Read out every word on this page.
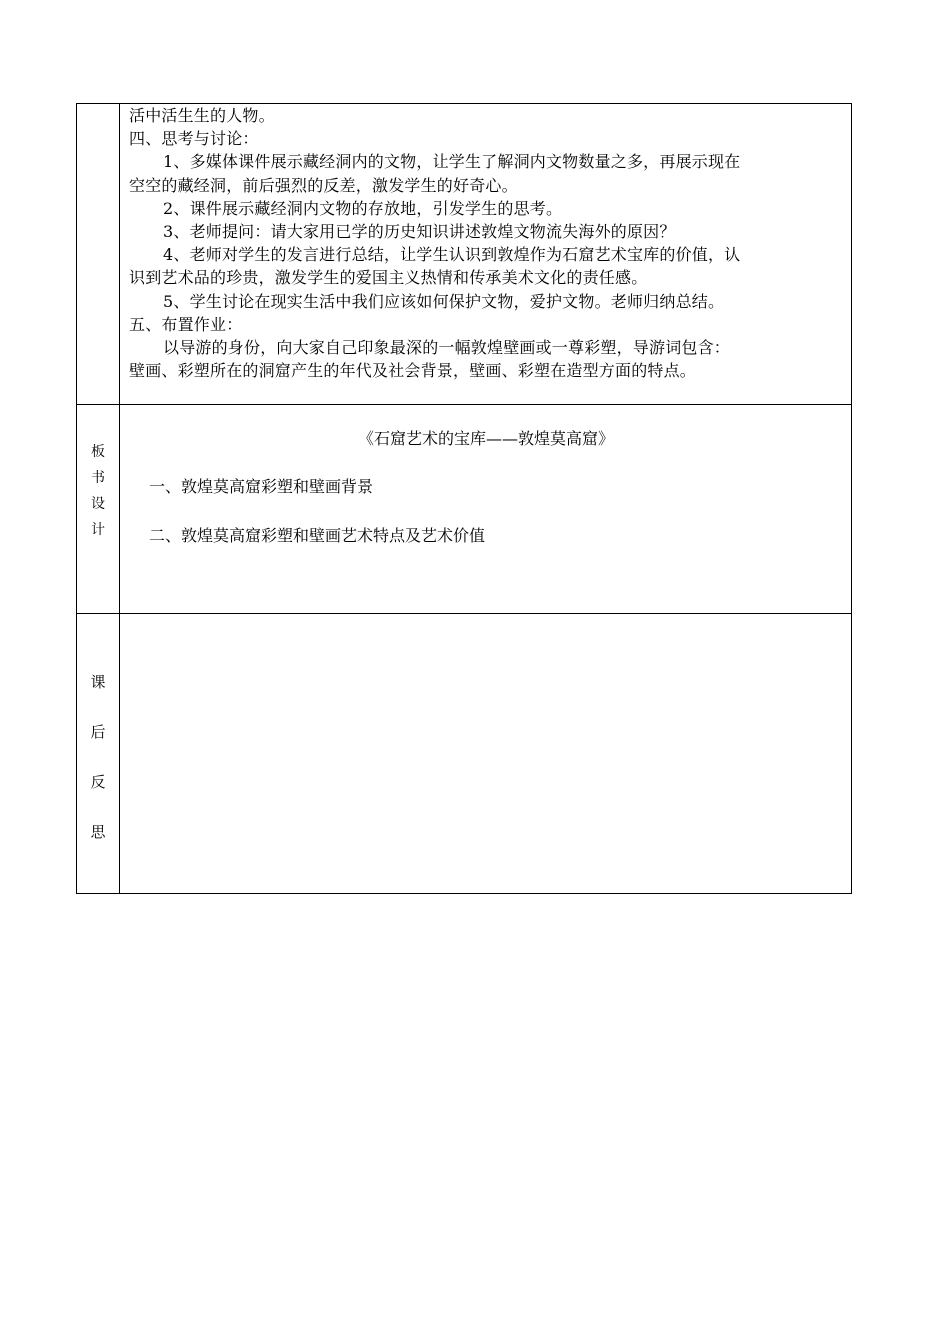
活中活生生的人物。
四、思考与讨论：
1、多媒体课件展示藏经洞内的文物，让学生了解洞内文物数量之多，再展示现在
空空的藏经洞，前后强烈的反差，激发学生的好奇心。
2、课件展示藏经洞内文物的存放地，引发学生的思考。
3、老师提问：请大家用已学的历史知识讲述敦煌文物流失海外的原因？
4、老师对学生的发言进行总结，让学生认识到敦煌作为石窟艺术宝库的价值，认
识到艺术品的珍贵，激发学生的爱国主义热情和传承美术文化的责任感。
5、学生讨论在现实生活中我们应该如何保护文物，爱护文物。老师归纳总结。
五、布置作业：
以导游的身份，向大家自己印象最深的一幅敦煌壁画或一尊彩塑，导游词包含：
壁画、彩塑所在的洞窟产生的年代及社会背景，壁画、彩塑在造型方面的特点。
板
书
设
计
《石窟艺术的宝库——敦煌莫高窟》
一、敦煌莫高窟彩塑和壁画背景
二、敦煌莫高窟彩塑和壁画艺术特点及艺术价值
课
后
反
思
